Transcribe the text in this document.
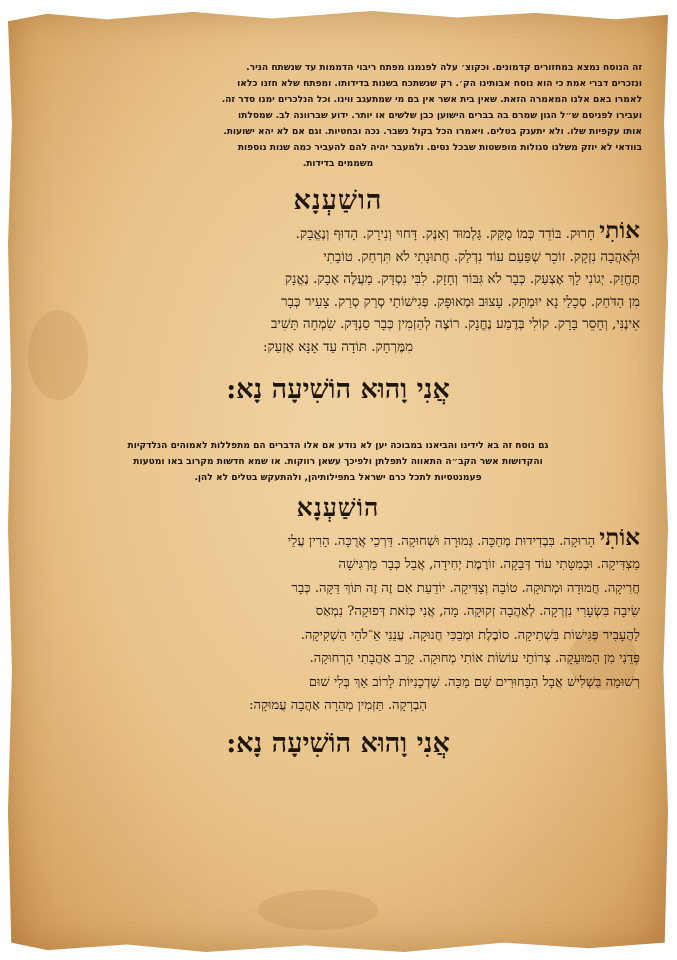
זה הנוסח נמצא במחזורים קדמונים. וכקוצ׳ עלה לפנמנו מפתח ריבוי הדממות עד שנשתח הניר.

ונזכרים דברי אמת כי הוא נוסח אבותינו הק׳. רק שנשתכח בשנות בדידותו. ומפתח שלא חזנו כלאו

לאמרו באם אלנו המאמרה הזאת. שאין בית אשר אין בם מי שמתעגב ווינו. וכל הנלכרים ימנו סדר זה.

ועבירו לפניסם ש״ל הגון שמרם בה בברים הישוען כבן שלשים או יותר. ידוע שברוונה לב. שמסלתו

אותו עקפיות שלו. ולא יתענק בטלים. ויאמרו הכל בקול נשבר. נכה ובחטיות. וגם אם לא יהא ישועות.

בוודאי לא יוזק משלנו סגולות מופשטות שבכל נסים. ולמעבר יהיה להם להעביר כמה שנות נוספות

משממים בדידות.

הושַׁעְנָא

אוֹתִי חָרוּק. בּוֹדֵד כְּמוֹ מֻקָּק. גַּלְמוּד וְאַנֶּק. דָּחוּי וְנִירָק. הָדוּף וְנֶאֱבָק.

וּלְאַהֲבָה נִזְקָק. זוֹכֵר שְׁפַּעַם עוֹד נִדְלַק. חֲתוּנָתִי לֹא תִּרְחַק. טוֹבָתִי

תֶּחֱזַק. יְגוֹנִי לָךְ אֶצְעַק. כְּבָר לֹא גִּבּוֹר וְחָזָק. לִבִּי נִסְדַּק. מַעֲלֶה אָבָק. נֶאֱנָק

מִן הַדֹּחַק. סְכָלַי נָא יוּמְתָּק. עָצוּב וּמְאוּפָּק. פְּגִישׁוֹתַי סְרַק סְרַק. צָעִיר כְּבָר

אֵינֶנִּי, וְחָסֵר בָּרָק. קוֹלִי בְּדֶמַע נֶחֱנָק. רוֹצֶה לְהַזְמִין כְּבָר סַנְדָּק. שִׂמְחָה תָּשִׁיב

מִמֶּרְחָק. תּוֹדָה עַד אָנָּא אֶזְעַק:

אֲנִי וָהוּא הוֹשִׁיעָה נָא:

גם נוסח זה בא לידינו והביאנו במבוכה יען לא נודע אם אלו הדברים הם מתפללות לאמוהים הנלדקיות

והקדושות אשר הקב״ה התאווה לתפלתן ולפיכך עשאן רווקות. או שמא חדשות מקרוב באו ומטעות

פעמנטסיות לתכל כרם ישראל בתפילותיהן, ולהתעקש בטלים לא להן.

הוֹשַׁעְנָא

אוֹתִי הָרוּקָה. בִּבְדִידוּת מְחַכָּה. גְּמוּרָה וּשְׁחוּקָה. דַּרְכֵי אֲרֻכָּה. הָרִין עֲלֵי

מַצְדִּיקָה. וּבְמִטָּתִי עוֹד דְּבֵקָה. זוֹרֶמֶת יְחִידָה, אֲבָל כְּבָר מַרְגִּישָׁה

חֲרִיקָה. חֲמוּדָה וּמְתוּקָה. טוֹבָה וְצַדִּיקָה. יוֹדַעַת אִם זֶה זֶה תּוֹךְ דַּקָּה. כְּבָר

שִׂיבָה בִּשְׂעָרִי נִזְרְקָה. לְאַהֲבָה זְקוּקָה. מָה, אֲנִי כְּזֹאת דְּפוּקָה? נִמְאַס

לַהֲעָבִיר פְּגִישׁוֹת בִּשְׁתִיקָה. סוֹבֶלֶת וּמְבַכִּי חֲנוּקָה. עֲנֵנִי אֵ־לֹהֵי הַשְׁקִיקָה.

פְּדֵנִי מִן הַמּוּעָקָה. צְרוֹתַי עוֹשׂוֹת אוֹתִי מְחוּקָה. קָרֵב אַהֲבָתִי הָרְחוּקָה.

רְשׁוּמָה בִּשְׁלִישׁ אֲבָל הַבָּחוּרִים שָׁם מַכָּה. שַׁדְכָנִיּוֹת לָרוֹב אַךְ בְּלִי שׁוּם

הַבְרָקָה. תַּזְמִין מְהֵרָה אַהֲבָה עֲמוּקָה:

אֲנִי וָהוּא הוֹשִׁיעָה נָא:
